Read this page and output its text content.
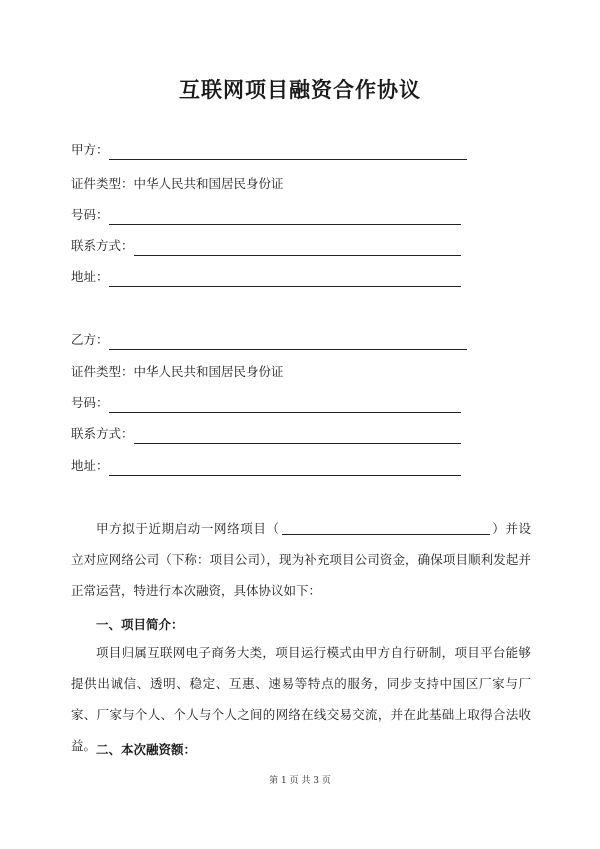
互联网项目融资合作协议
甲方：
证件类型： 中华人民共和国居民身份证
号码：
联系方式：
地址：
乙方：
证件类型： 中华人民共和国居民身份证
号码：
联系方式：
地址：
甲方拟于近期启动一网络项目（	）并设立对应网络公司（下称：项目公司），现为补充项目公司资金，确保项目顺利发起并正常运营，特进行本次融资，具体协议如下：
一、项目简介：
项目归属互联网电子商务大类，项目运行模式由甲方自行研制，项目平台能够提供出诚信、透明、稳定、互惠、速易等特点的服务，同步支持中国区厂家与厂家、厂家与个人、个人与个人之间的网络在线交易交流，并在此基础上取得合法收益。 二、本次融资额：
第 1 页 共 3 页
